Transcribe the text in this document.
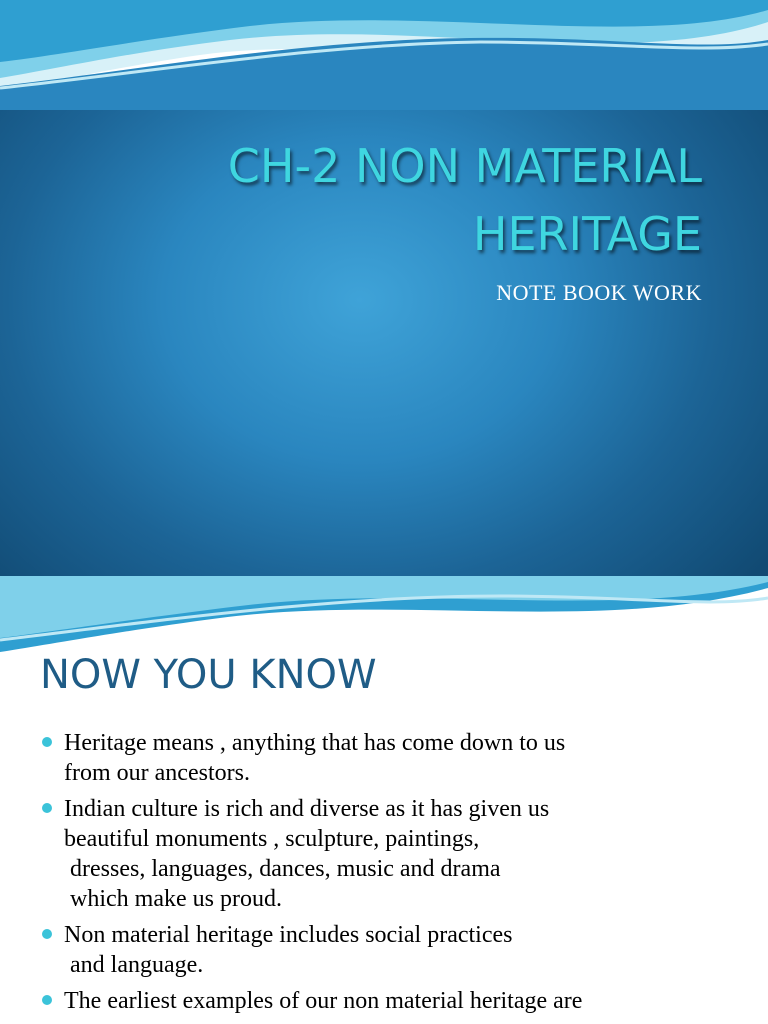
CH-2 NON MATERIAL
HERITAGE
NOTE BOOK WORK
NOW YOU KNOW
Heritage means , anything that has come down to us
from our ancestors.
Indian culture is rich and diverse as it has given us
beautiful monuments , sculpture, paintings,
dresses, languages, dances, music and drama
which make us proud.
Non material heritage includes social practices
and language.
The earliest examples of our non material heritage are
